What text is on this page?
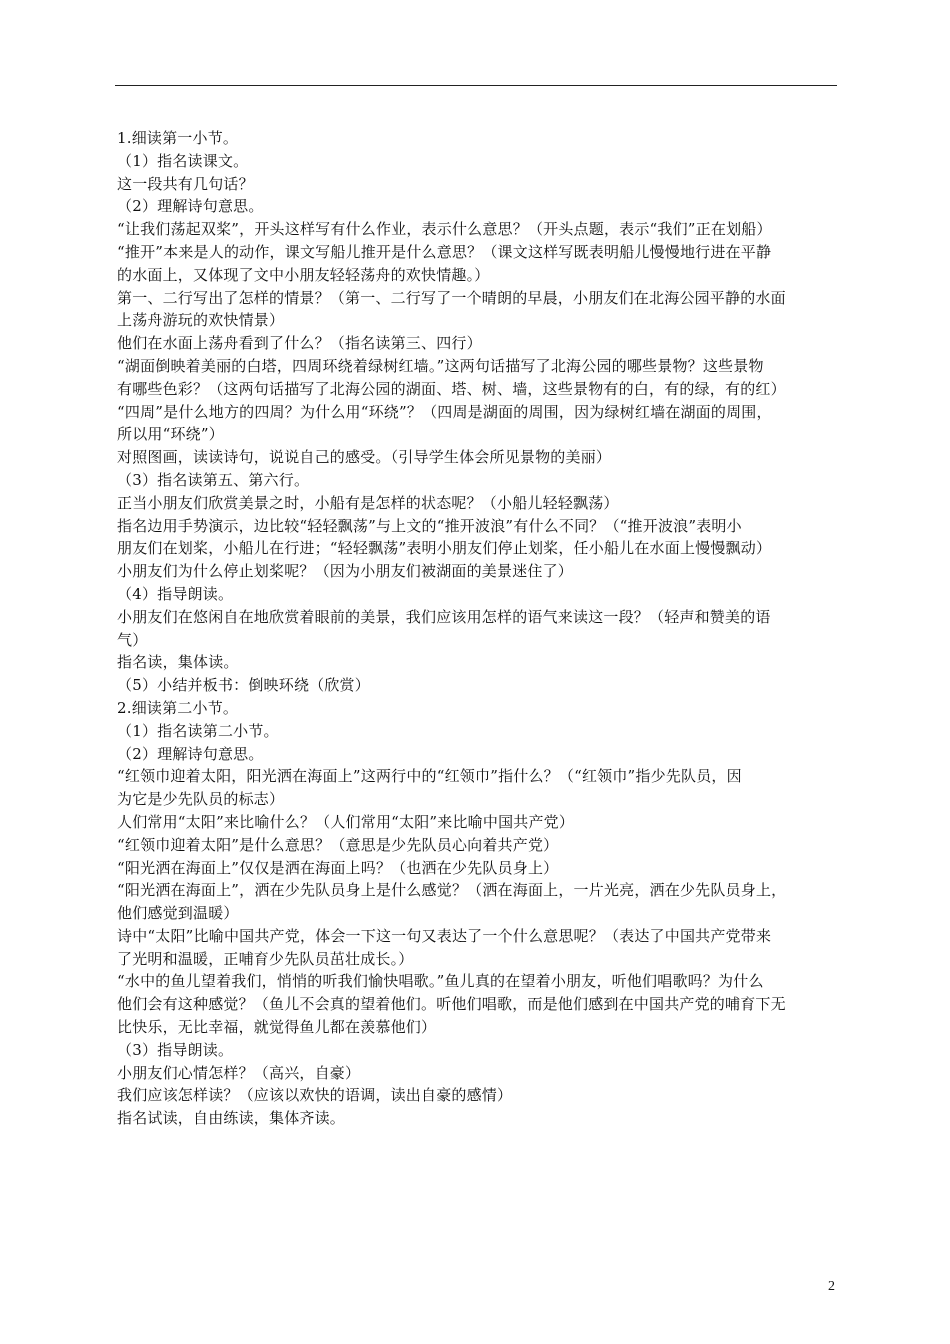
1.细读第一小节。
（1）指名读课文。
这一段共有几句话？
（2）理解诗句意思。
“让我们荡起双桨”，开头这样写有什么作业，表示什么意思？（开头点题，表示“我们”正在划船）
“推开”本来是人的动作，课文写船儿推开是什么意思？（课文这样写既表明船儿慢慢地行进在平静
的水面上，又体现了文中小朋友轻轻荡舟的欢快情趣。）
第一、二行写出了怎样的情景？（第一、二行写了一个晴朗的早晨，小朋友们在北海公园平静的水面
上荡舟游玩的欢快情景）
他们在水面上荡舟看到了什么？（指名读第三、四行）
“湖面倒映着美丽的白塔，四周环绕着绿树红墙。”这两句话描写了北海公园的哪些景物？这些景物
有哪些色彩？（这两句话描写了北海公园的湖面、塔、树、墙，这些景物有的白，有的绿，有的红）
“四周”是什么地方的四周？为什么用“环绕”？（四周是湖面的周围，因为绿树红墙在湖面的周围，
所以用“环绕”）
对照图画，读读诗句，说说自己的感受。（引导学生体会所见景物的美丽）
（3）指名读第五、第六行。
正当小朋友们欣赏美景之时，小船有是怎样的状态呢？（小船儿轻轻飘荡）
指名边用手势演示，边比较“轻轻飘荡”与上文的“推开波浪”有什么不同？（“推开波浪”表明小
朋友们在划桨，小船儿在行进；“轻轻飘荡”表明小朋友们停止划桨，任小船儿在水面上慢慢飘动）
小朋友们为什么停止划桨呢？（因为小朋友们被湖面的美景迷住了）
（4）指导朗读。
小朋友们在悠闲自在地欣赏着眼前的美景，我们应该用怎样的语气来读这一段？（轻声和赞美的语
气）
指名读，集体读。
（5）小结并板书：倒映环绕（欣赏）
2.细读第二小节。
（1）指名读第二小节。
（2）理解诗句意思。
“红领巾迎着太阳，阳光洒在海面上”这两行中的“红领巾”指什么？（“红领巾”指少先队员，因
为它是少先队员的标志）
人们常用“太阳”来比喻什么？（人们常用“太阳”来比喻中国共产党）
“红领巾迎着太阳”是什么意思？（意思是少先队员心向着共产党）
“阳光洒在海面上”仅仅是洒在海面上吗？（也洒在少先队员身上）
“阳光洒在海面上”，洒在少先队员身上是什么感觉？（洒在海面上，一片光亮，洒在少先队员身上，
他们感觉到温暖）
诗中“太阳”比喻中国共产党，体会一下这一句又表达了一个什么意思呢？（表达了中国共产党带来
了光明和温暖，正哺育少先队员茁壮成长。）
“水中的鱼儿望着我们，悄悄的听我们愉快唱歌。”鱼儿真的在望着小朋友，听他们唱歌吗？为什么
他们会有这种感觉？（鱼儿不会真的望着他们。听他们唱歌，而是他们感到在中国共产党的哺育下无
比快乐，无比幸福，就觉得鱼儿都在羡慕他们）
（3）指导朗读。
小朋友们心情怎样？（高兴，自豪）
我们应该怎样读？（应该以欢快的语调，读出自豪的感情）
指名试读，自由练读，集体齐读。
2
